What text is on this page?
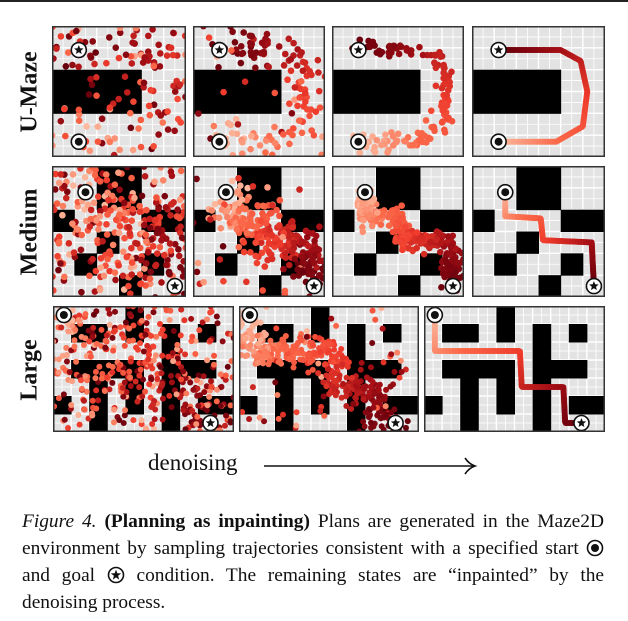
U-Maze
Medium
Large
denoising
Figure 4. (Planning as inpainting) Plans are generated in the Maze2D environment by sampling trajectories consistent with a specified start  and goal condition. The remaining states are “inpainted” by the denoising process.
